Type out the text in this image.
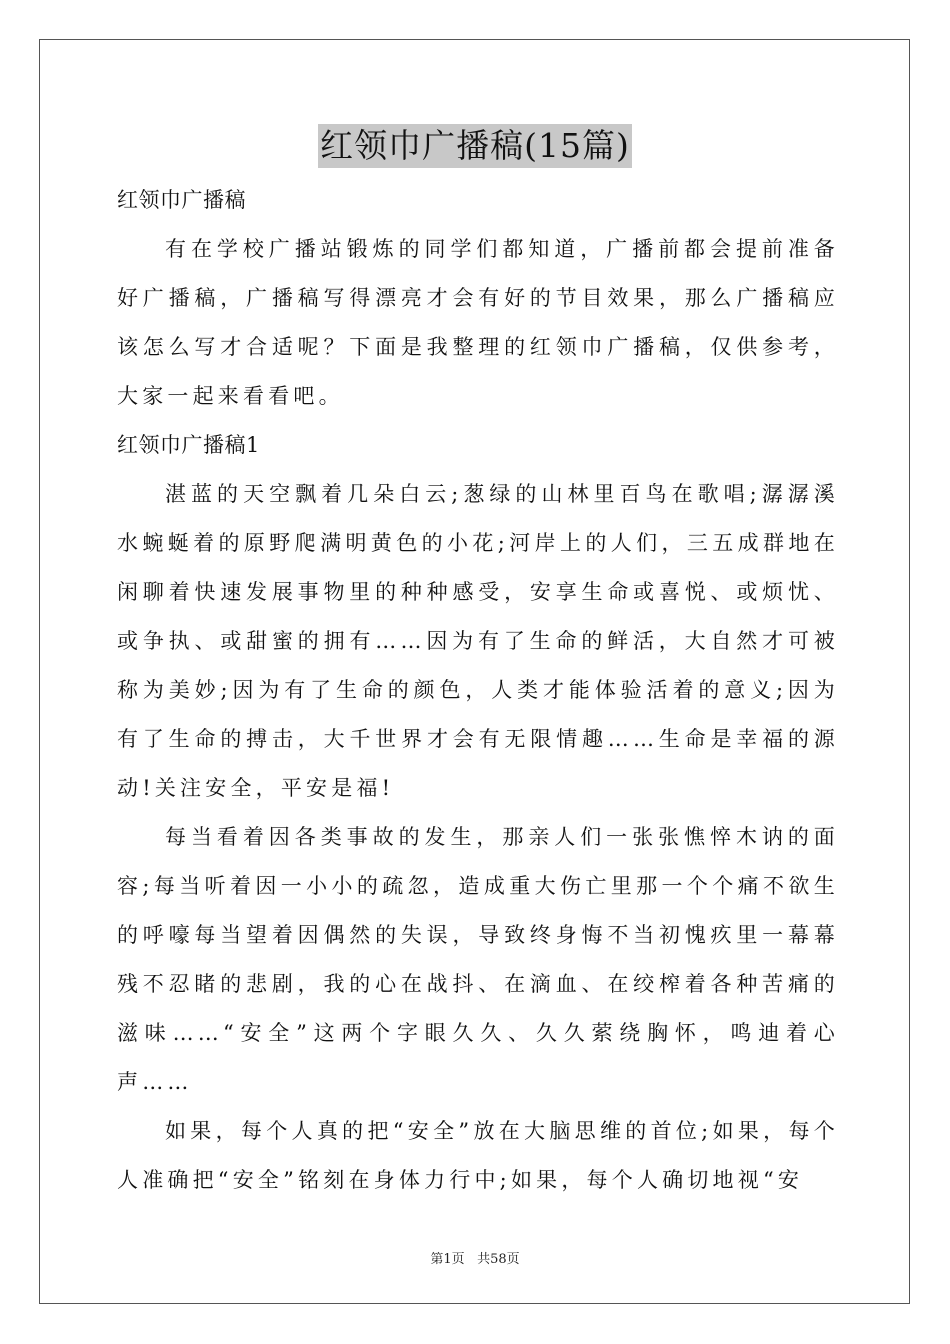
红领巾广播稿(15篇)

红领巾广播稿

有在学校广播站锻炼的同学们都知道，广播前都会提前准备好广播稿，广播稿写得漂亮才会有好的节目效果，那么广播稿应该怎么写才合适呢？下面是我整理的红领巾广播稿，仅供参考，大家一起来看看吧。

红领巾广播稿1

湛蓝的天空飘着几朵白云;葱绿的山林里百鸟在歌唱;潺潺溪水蜿蜒着的原野爬满明黄色的小花;河岸上的人们，三五成群地在闲聊着快速发展事物里的种种感受，安享生命或喜悦、或烦忧、或争执、或甜蜜的拥有……因为有了生命的鲜活，大自然才可被称为美妙;因为有了生命的颜色，人类才能体验活着的意义;因为有了生命的搏击，大千世界才会有无限情趣……生命是幸福的源动!关注安全，平安是福!

每当看着因各类事故的发生，那亲人们一张张憔悴木讷的面容;每当听着因一小小的疏忽，造成重大伤亡里那一个个痛不欲生的呼嚎每当望着因偶然的失误，导致终身悔不当初愧疚里一幕幕残不忍睹的悲剧，我的心在战抖、在滴血、在绞榨着各种苦痛的滋味……“安全”这两个字眼久久、久久萦绕胸怀，鸣迪着心声……

如果，每个人真的把“安全”放在大脑思维的首位;如果，每个人准确把“安全”铭刻在身体力行中;如果，每个人确切地视“安

第1页 共58页
